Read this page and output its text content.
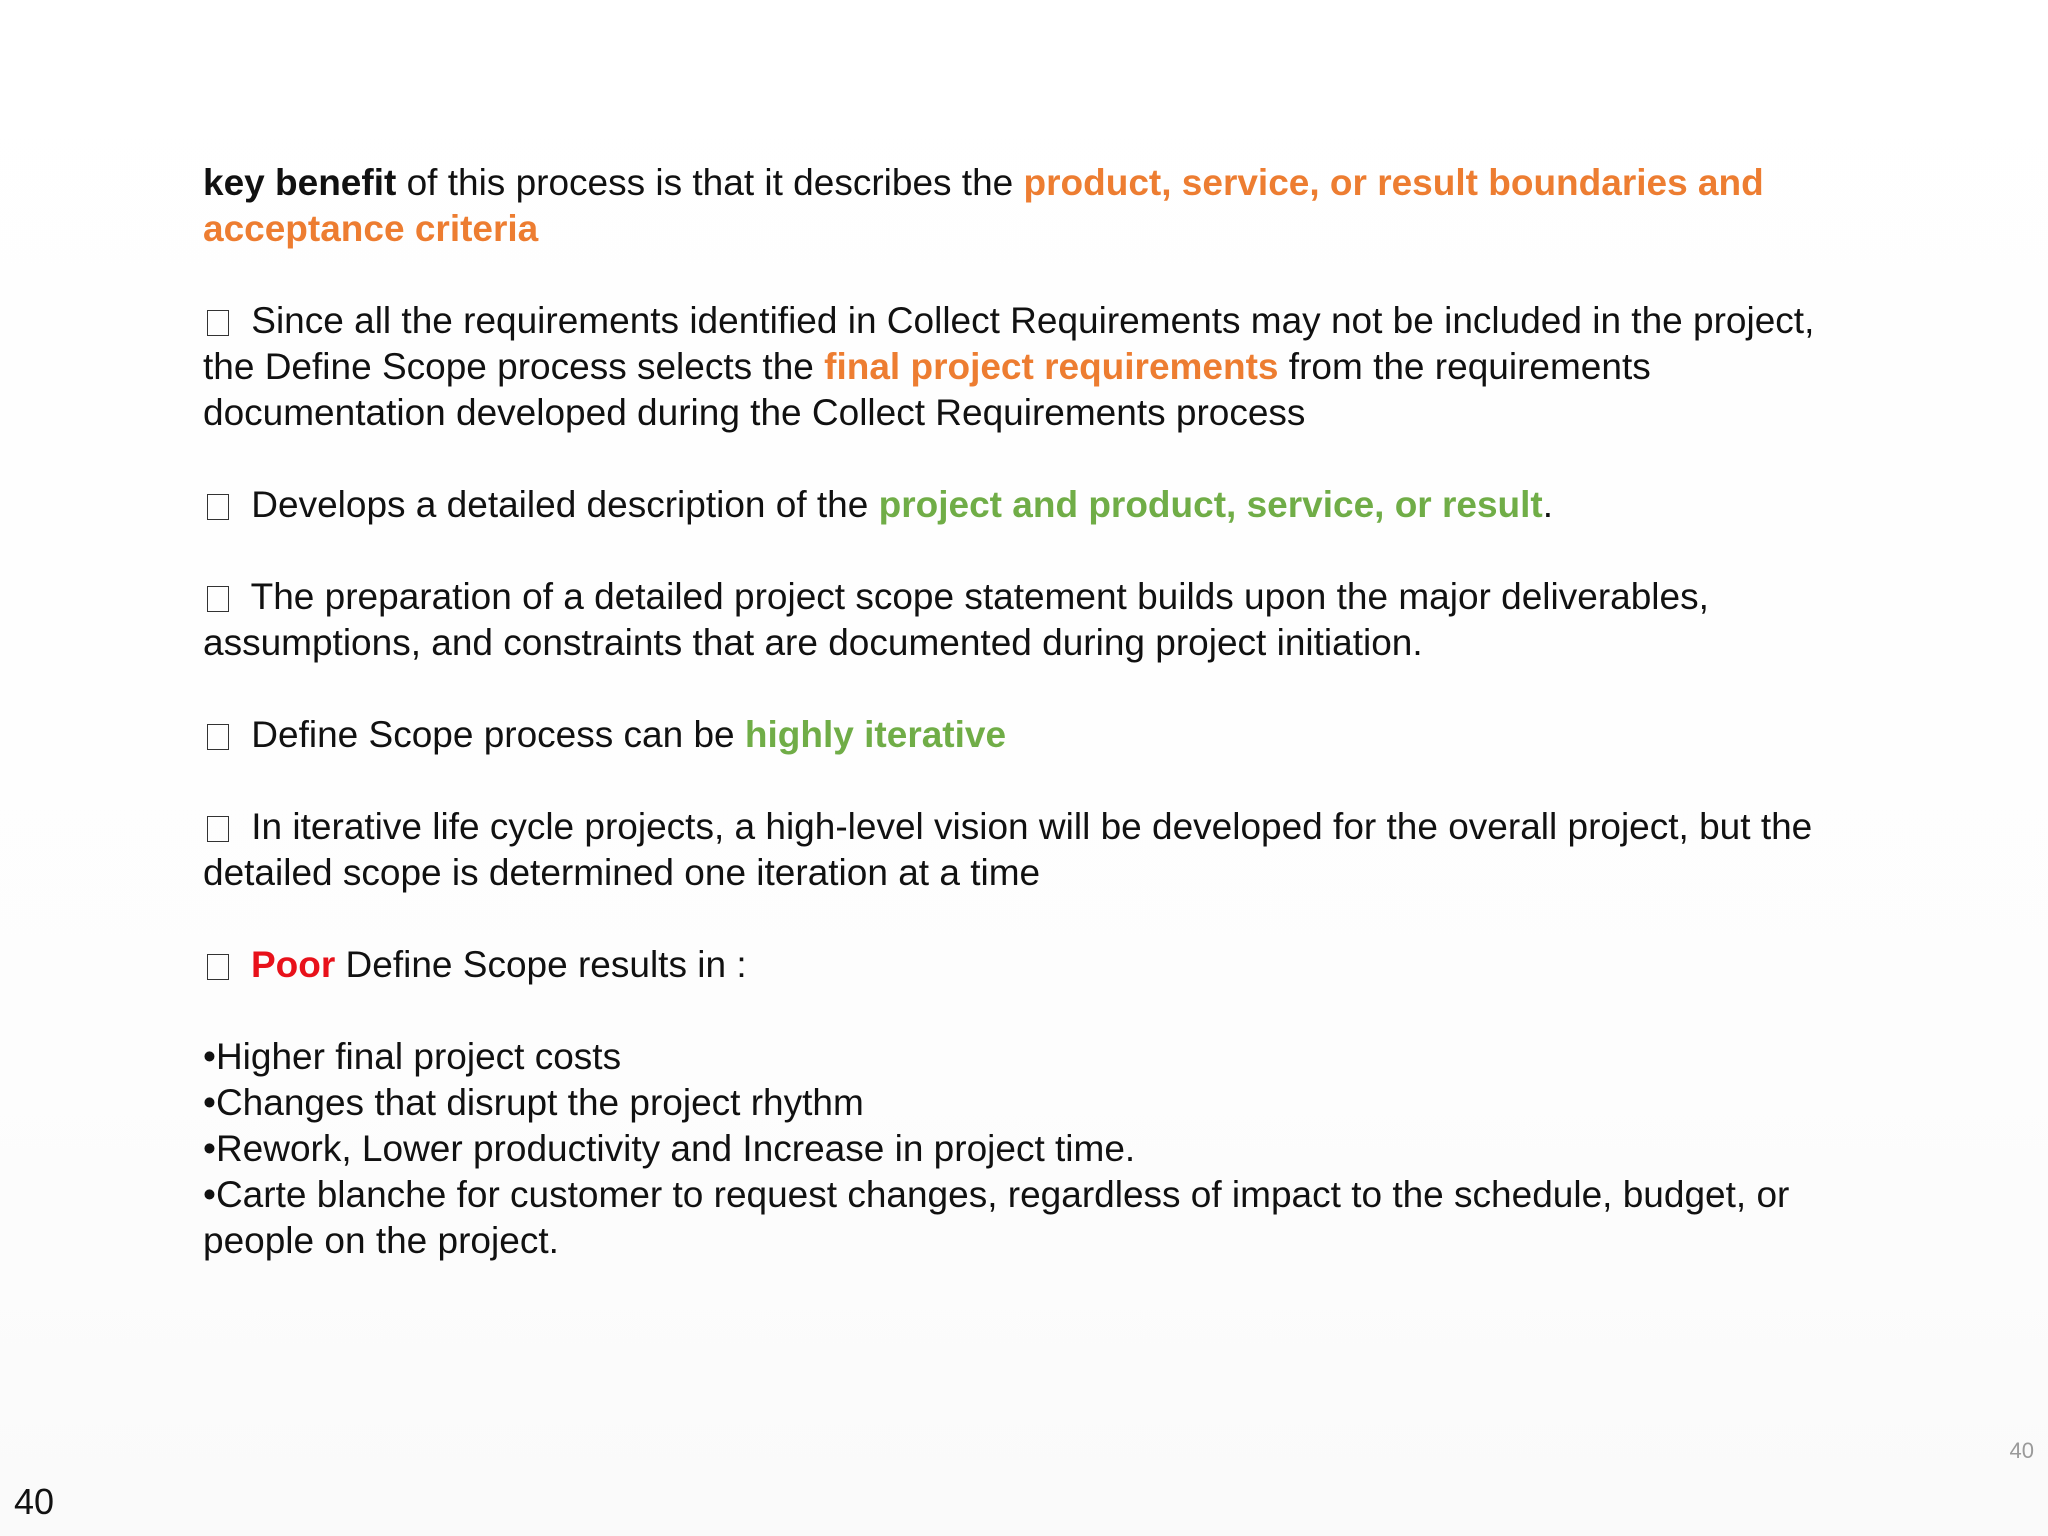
key benefit of this process is that it describes the product, service, or result boundaries and acceptance criteria

Since all the requirements identified in Collect Requirements may not be included in the project, the Define Scope process selects the final project requirements from the requirements documentation developed during the Collect Requirements process

Develops a detailed description of the project and product, service, or result.

The preparation of a detailed project scope statement builds upon the major deliverables, assumptions, and constraints that are documented during project initiation.

Define Scope process can be highly iterative

In iterative life cycle projects, a high-level vision will be developed for the overall project, but the detailed scope is determined one iteration at a time

Poor Define Scope results in :

•Higher final project costs
•Changes that disrupt the project rhythm
•Rework, Lower productivity and Increase in project time.
•Carte blanche for customer to request changes, regardless of impact to the schedule, budget, or people on the project.
40
40
